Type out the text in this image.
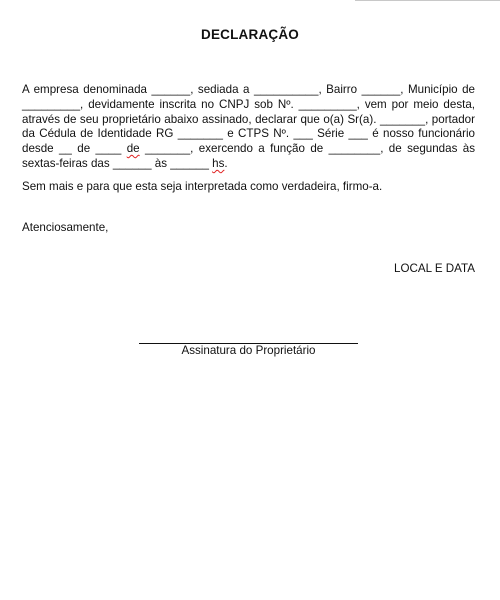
DECLARAÇÃO

A empresa denominada ______, sediada a __________, Bairro ______, Município de _________, devidamente inscrita no CNPJ sob Nº. _________, vem por meio desta, através de seu proprietário abaixo assinado, declarar que o(a) Sr(a). _______, portador da Cédula de Identidade RG _______ e CTPS Nº. ___ Série ___ é nosso funcionário desde __ de ____ de _______, exercendo a função de ________, de segundas às sextas-feiras das ______ às ______ hs.

Sem mais e para que esta seja interpretada como verdadeira, firmo-a.

Atenciosamente,

LOCAL E DATA

Assinatura do Proprietário
